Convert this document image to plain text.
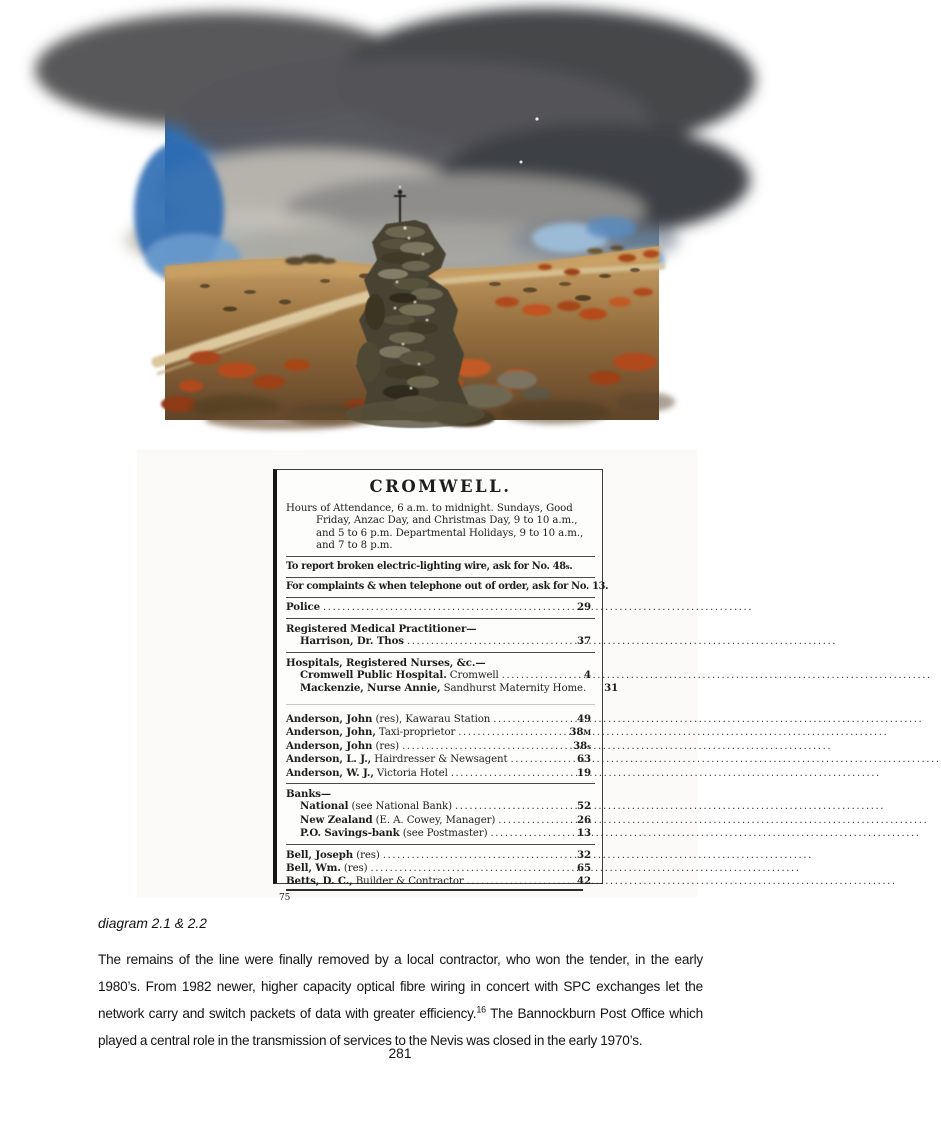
CROMWELL.
Hours of Attendance, 6 a.m. to midnight. Sundays, Good
Friday, Anzac Day, and Christmas Day, 9 to 10 a.m.,
and 5 to 6 p.m. Departmental Holidays, 9 to 10 a.m.,
and 7 to 8 p.m.
To report broken electric-lighting wire, ask for No. 48s.
For complaints & when telephone out of order, ask for No. 13.
Police .....	29
Registered Medical Practitioner—
Harrison, Dr. Thos .....	37
Hospitals, Registered Nurses, &c.—
Cromwell Public Hospital. Cromwell .....	4
Mackenzie, Nurse Annie, Sandhurst Maternity Home.	31
Anderson, John (res), Kawarau Station .....	49
Anderson, John, Taxi-proprietor .....	38 M
Anderson, John (res) .....	38 s
Anderson, L. J., Hairdresser & Newsagent .....	63
Anderson, W. J., Victoria Hotel .....	19
Banks—
National (see National Bank) .....	52
New Zealand (E. A. Cowey, Manager) .....	26
P.O. Savings-bank (see Postmaster) .....	13
Bell, Joseph (res) .....	32
Bell, Wm. (res) .....	65
Betts, D. C., Builder & Contractor .....	42
75
diagram 2.1 & 2.2
The remains of the line were finally removed by a local contractor, who won the tender, in the early
1980’s. From 1982 newer, higher capacity optical fibre wiring in concert with SPC exchanges let the
network carry and switch packets of data with greater efficiency.$^{16}$ The Bannockburn Post Office which
played a central role in the transmission of services to the Nevis was closed in the early 1970’s.
281
